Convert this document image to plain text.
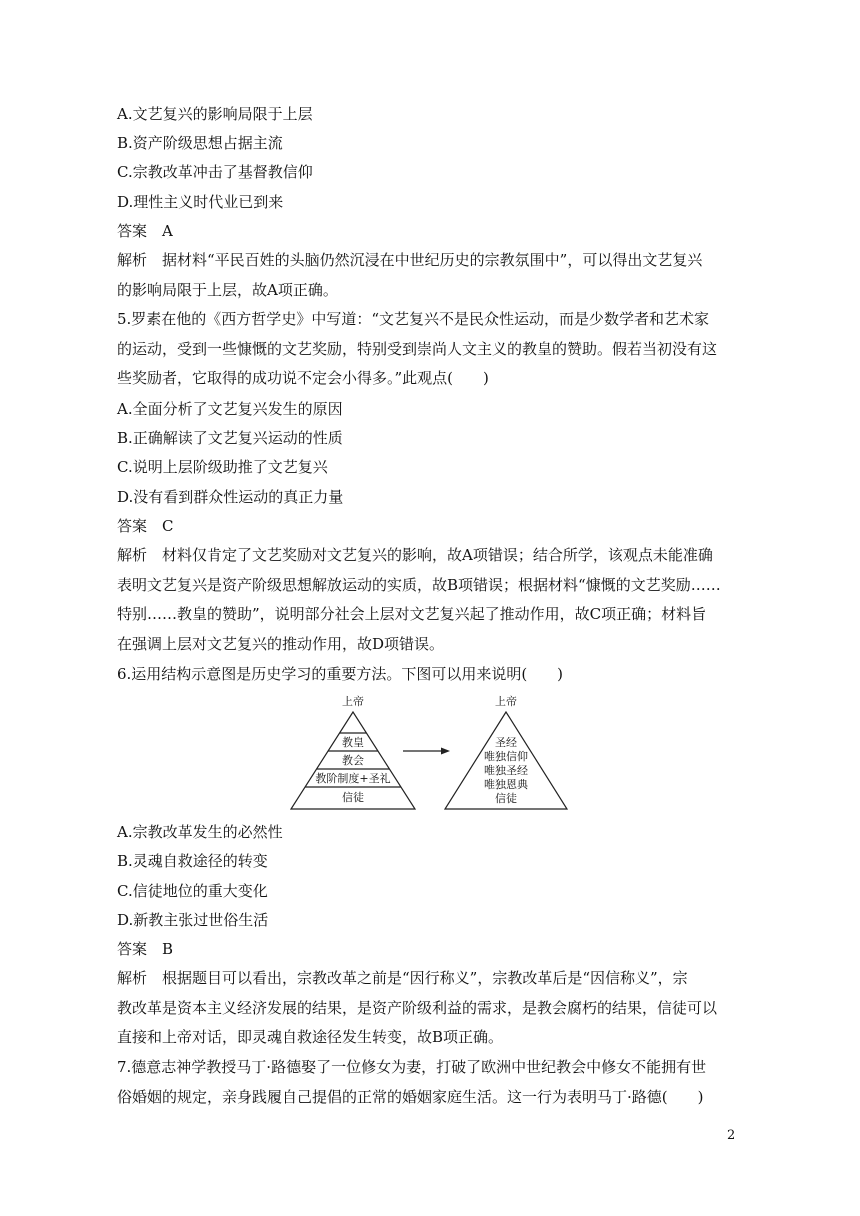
A.文艺复兴的影响局限于上层
B.资产阶级思想占据主流
C.宗教改革冲击了基督教信仰
D.理性主义时代业已到来
答案　A
解析　据材料“平民百姓的头脑仍然沉浸在中世纪历史的宗教氛围中”，可以得出文艺复兴
的影响局限于上层，故A项正确。
5.罗素在他的《西方哲学史》中写道：“文艺复兴不是民众性运动，而是少数学者和艺术家
的运动，受到一些慷慨的文艺奖励，特别受到崇尚人文主义的教皇的赞助。假若当初没有这
些奖励者，它取得的成功说不定会小得多。”此观点(　　)
A.全面分析了文艺复兴发生的原因
B.正确解读了文艺复兴运动的性质
C.说明上层阶级助推了文艺复兴
D.没有看到群众性运动的真正力量
答案　C
解析　材料仅肯定了文艺奖励对文艺复兴的影响，故A项错误；结合所学，该观点未能准确
表明文艺复兴是资产阶级思想解放运动的实质，故B项错误；根据材料“慷慨的文艺奖励……
特别……教皇的赞助”，说明部分社会上层对文艺复兴起了推动作用，故C项正确；材料旨
在强调上层对文艺复兴的推动作用，故D项错误。
6.运用结构示意图是历史学习的重要方法。下图可以用来说明(　　)
上帝
教皇
教会
教阶制度+圣礼
信徒
上帝
圣经
唯独信仰
唯独圣经
唯独恩典
信徒
A.宗教改革发生的必然性
B.灵魂自救途径的转变
C.信徒地位的重大变化
D.新教主张过世俗生活
答案　B
解析　根据题目可以看出，宗教改革之前是“因行称义”，宗教改革后是“因信称义”，宗
教改革是资本主义经济发展的结果，是资产阶级利益的需求，是教会腐朽的结果，信徒可以
直接和上帝对话，即灵魂自救途径发生转变，故B项正确。
7.德意志神学教授马丁·路德娶了一位修女为妻，打破了欧洲中世纪教会中修女不能拥有世
俗婚姻的规定，亲身践履自己提倡的正常的婚姻家庭生活。这一行为表明马丁·路德(　　)
2
